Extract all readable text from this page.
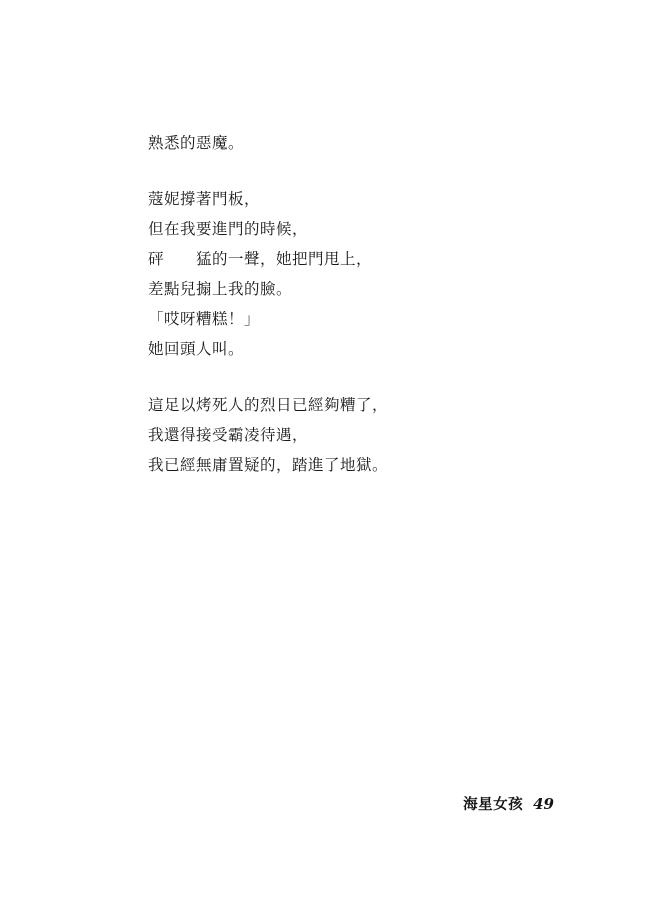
熟悉的惡魔。
蔻妮撐著門板，
但在我要進門的時候，
砰　　猛的一聲，她把門甩上，
差點兒搧上我的臉。
「哎呀糟糕！」
她回頭人叫。
這足以烤死人的烈日已經夠糟了，
我還得接受霸凌待遇，
我已經無庸置疑的，踏進了地獄。
海星女孩 49
